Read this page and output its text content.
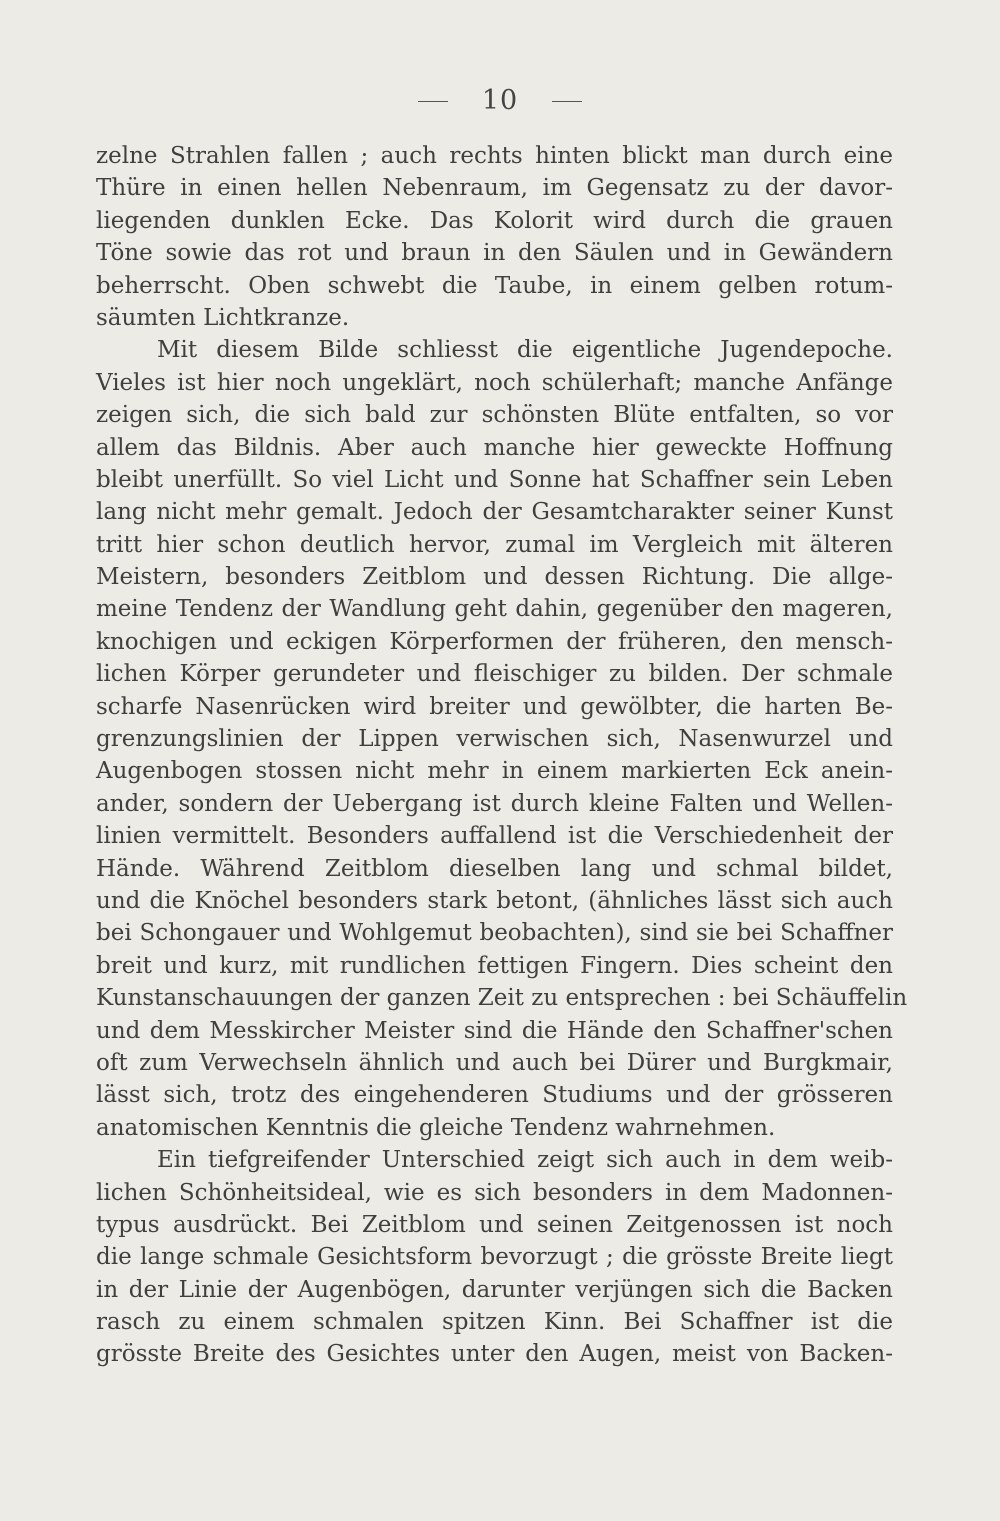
10
zelne Strahlen fallen ; auch rechts hinten blickt man durch eine
Thüre in einen hellen Nebenraum, im Gegensatz zu der davor-
liegenden dunklen Ecke. Das Kolorit wird durch die grauen
Töne sowie das rot und braun in den Säulen und in Gewändern
beherrscht. Oben schwebt die Taube, in einem gelben rotum-
säumten Lichtkranze.
Mit diesem Bilde schliesst die eigentliche Jugendepoche.
Vieles ist hier noch ungeklärt, noch schülerhaft; manche Anfänge
zeigen sich, die sich bald zur schönsten Blüte entfalten, so vor
allem das Bildnis. Aber auch manche hier geweckte Hoffnung
bleibt unerfüllt. So viel Licht und Sonne hat Schaffner sein Leben
lang nicht mehr gemalt. Jedoch der Gesamtcharakter seiner Kunst
tritt hier schon deutlich hervor, zumal im Vergleich mit älteren
Meistern, besonders Zeitblom und dessen Richtung. Die allge-
meine Tendenz der Wandlung geht dahin, gegenüber den mageren,
knochigen und eckigen Körperformen der früheren, den mensch-
lichen Körper gerundeter und fleischiger zu bilden. Der schmale
scharfe Nasenrücken wird breiter und gewölbter, die harten Be-
grenzungslinien der Lippen verwischen sich, Nasenwurzel und
Augenbogen stossen nicht mehr in einem markierten Eck anein-
ander, sondern der Uebergang ist durch kleine Falten und Wellen-
linien vermittelt. Besonders auffallend ist die Verschiedenheit der
Hände. Während Zeitblom dieselben lang und schmal bildet,
und die Knöchel besonders stark betont, (ähnliches lässt sich auch
bei Schongauer und Wohlgemut beobachten), sind sie bei Schaffner
breit und kurz, mit rundlichen fettigen Fingern. Dies scheint den
Kunstanschauungen der ganzen Zeit zu entsprechen : bei Schäuffelin
und dem Messkircher Meister sind die Hände den Schaffner'schen
oft zum Verwechseln ähnlich und auch bei Dürer und Burgkmair,
lässt sich, trotz des eingehenderen Studiums und der grösseren
anatomischen Kenntnis die gleiche Tendenz wahrnehmen.
Ein tiefgreifender Unterschied zeigt sich auch in dem weib-
lichen Schönheitsideal, wie es sich besonders in dem Madonnen-
typus ausdrückt. Bei Zeitblom und seinen Zeitgenossen ist noch
die lange schmale Gesichtsform bevorzugt ; die grösste Breite liegt
in der Linie der Augenbögen, darunter verjüngen sich die Backen
rasch zu einem schmalen spitzen Kinn. Bei Schaffner ist die
grösste Breite des Gesichtes unter den Augen, meist von Backen-
